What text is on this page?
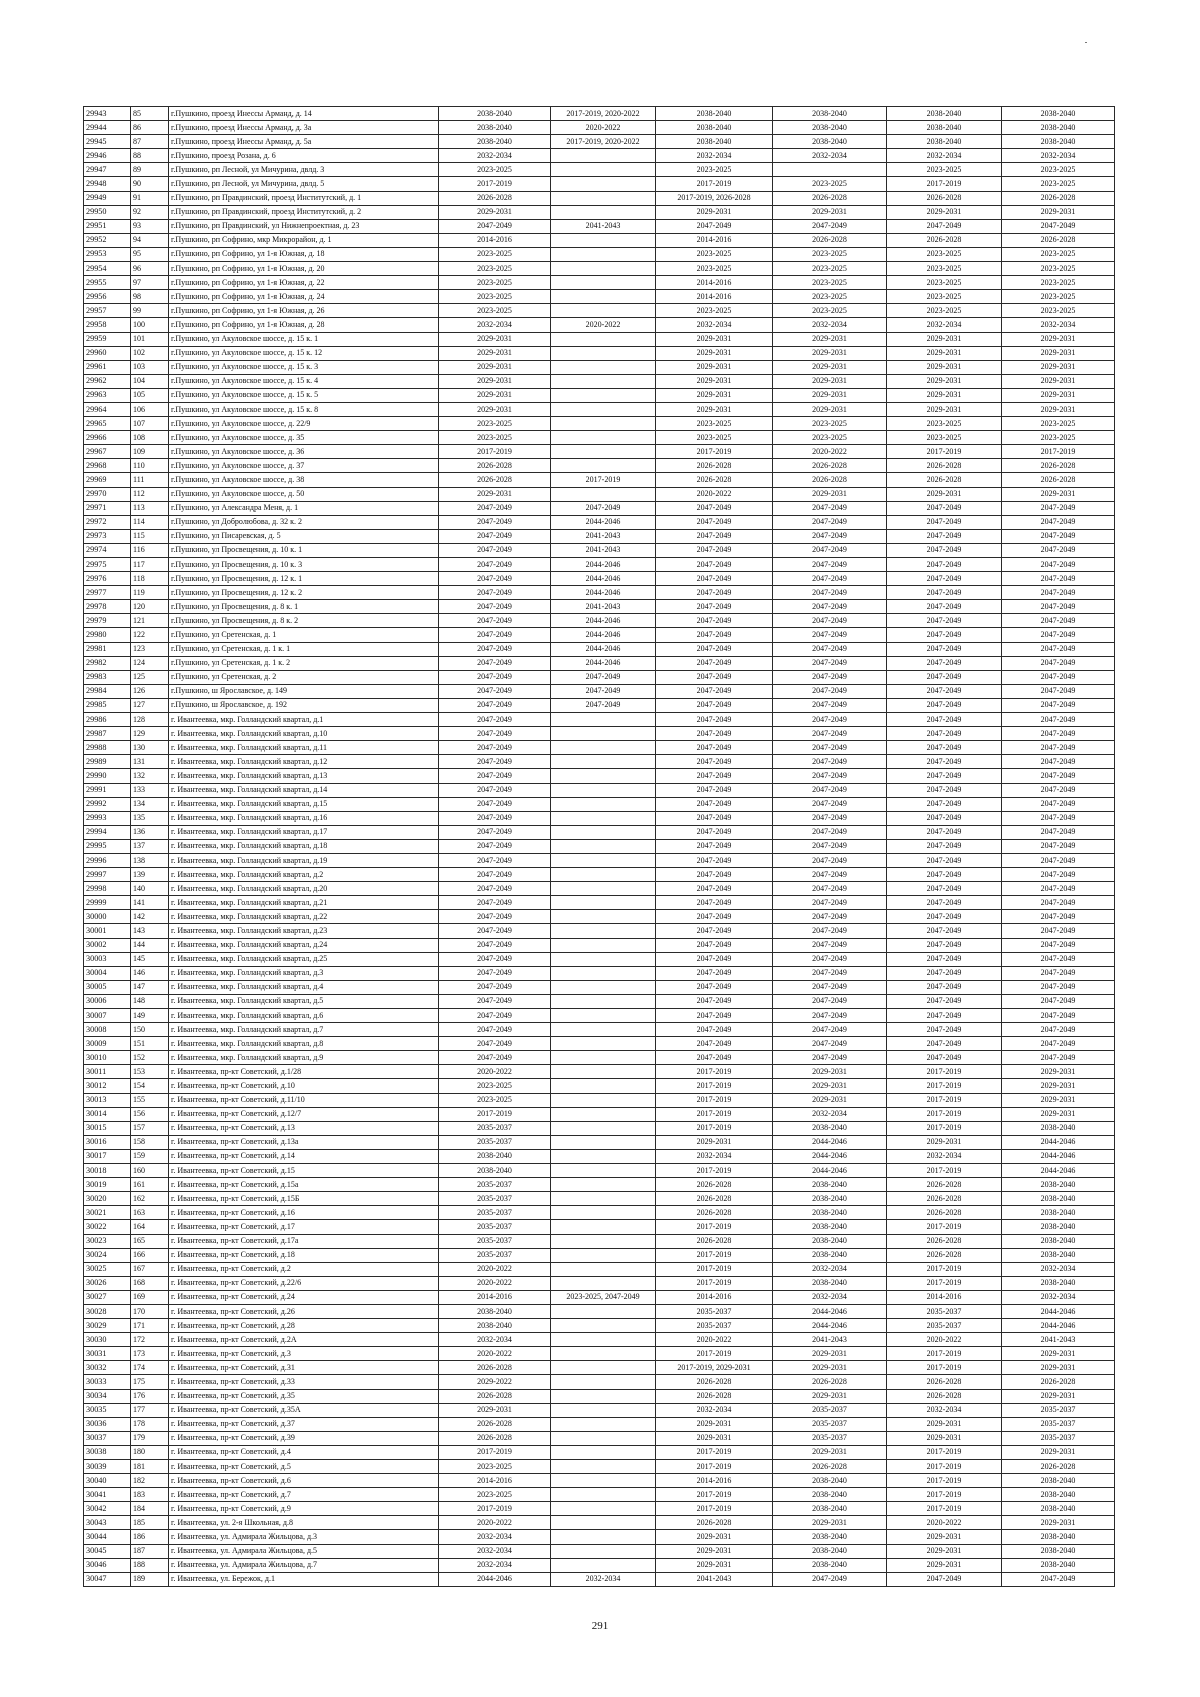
29943	85	г.Пушкино, проезд Инессы Арманд, д. 14	2038-2040	2017-2019, 2020-2022	2038-2040	2038-2040	2038-2040	2038-2040
29944	86	г.Пушкино, проезд Инессы Арманд, д. 3а	2038-2040	2020-2022	2038-2040	2038-2040	2038-2040	2038-2040
29945	87	г.Пушкино, проезд Инессы Арманд, д. 5а	2038-2040	2017-2019, 2020-2022	2038-2040	2038-2040	2038-2040	2038-2040
29946	88	г.Пушкино, проезд Розана, д. 6	2032-2034		2032-2034	2032-2034	2032-2034	2032-2034
29947	89	г.Пушкино, рп Лесной, ул Мичурина, двлд. 3	2023-2025		2023-2025		2023-2025	2023-2025
29948	90	г.Пушкино, рп Лесной, ул Мичурина, двлд. 5	2017-2019		2017-2019	2023-2025	2017-2019	2023-2025
29949	91	г.Пушкино, рп Правдинский, проезд Институтский, д. 1	2026-2028		2017-2019, 2026-2028	2026-2028	2026-2028	2026-2028
29950	92	г.Пушкино, рп Правдинский, проезд Институтский, д. 2	2029-2031		2029-2031	2029-2031	2029-2031	2029-2031
29951	93	г.Пушкино, рп Правдинский, ул Нижнепроектная, д. 23	2047-2049	2041-2043	2047-2049	2047-2049	2047-2049	2047-2049
29952	94	г.Пушкино, рп Софрино, мкр Микрорайон, д. 1	2014-2016		2014-2016	2026-2028	2026-2028	2026-2028
29953	95	г.Пушкино, рп Софрино, ул 1-я Южная, д. 18	2023-2025		2023-2025	2023-2025	2023-2025	2023-2025
29954	96	г.Пушкино, рп Софрино, ул 1-я Южная, д. 20	2023-2025		2023-2025	2023-2025	2023-2025	2023-2025
29955	97	г.Пушкино, рп Софрино, ул 1-я Южная, д. 22	2023-2025		2014-2016	2023-2025	2023-2025	2023-2025
29956	98	г.Пушкино, рп Софрино, ул 1-я Южная, д. 24	2023-2025		2014-2016	2023-2025	2023-2025	2023-2025
29957	99	г.Пушкино, рп Софрино, ул 1-я Южная, д. 26	2023-2025		2023-2025	2023-2025	2023-2025	2023-2025
29958	100	г.Пушкино, рп Софрино, ул 1-я Южная, д. 28	2032-2034	2020-2022	2032-2034	2032-2034	2032-2034	2032-2034
29959	101	г.Пушкино, ул Акуловское шоссе, д. 15 к. 1	2029-2031		2029-2031	2029-2031	2029-2031	2029-2031
29960	102	г.Пушкино, ул Акуловское шоссе, д. 15 к. 12	2029-2031		2029-2031	2029-2031	2029-2031	2029-2031
29961	103	г.Пушкино, ул Акуловское шоссе, д. 15 к. 3	2029-2031		2029-2031	2029-2031	2029-2031	2029-2031
29962	104	г.Пушкино, ул Акуловское шоссе, д. 15 к. 4	2029-2031		2029-2031	2029-2031	2029-2031	2029-2031
29963	105	г.Пушкино, ул Акуловское шоссе, д. 15 к. 5	2029-2031		2029-2031	2029-2031	2029-2031	2029-2031
29964	106	г.Пушкино, ул Акуловское шоссе, д. 15 к. 8	2029-2031		2029-2031	2029-2031	2029-2031	2029-2031
29965	107	г.Пушкино, ул Акуловское шоссе, д. 22/9	2023-2025		2023-2025	2023-2025	2023-2025	2023-2025
29966	108	г.Пушкино, ул Акуловское шоссе, д. 35	2023-2025		2023-2025	2023-2025	2023-2025	2023-2025
29967	109	г.Пушкино, ул Акуловское шоссе, д. 36	2017-2019		2017-2019	2020-2022	2017-2019	2017-2019
29968	110	г.Пушкино, ул Акуловское шоссе, д. 37	2026-2028		2026-2028	2026-2028	2026-2028	2026-2028
29969	111	г.Пушкино, ул Акуловское шоссе, д. 38	2026-2028	2017-2019	2026-2028	2026-2028	2026-2028	2026-2028
29970	112	г.Пушкино, ул Акуловское шоссе, д. 50	2029-2031		2020-2022	2029-2031	2029-2031	2029-2031
29971	113	г.Пушкино, ул Александра Меня, д. 1	2047-2049	2047-2049	2047-2049	2047-2049	2047-2049	2047-2049
29972	114	г.Пушкино, ул Добролюбова, д. 32 к. 2	2047-2049	2044-2046	2047-2049	2047-2049	2047-2049	2047-2049
29973	115	г.Пушкино, ул Писаревская, д. 5	2047-2049	2041-2043	2047-2049	2047-2049	2047-2049	2047-2049
29974	116	г.Пушкино, ул Просвещения, д. 10 к. 1	2047-2049	2041-2043	2047-2049	2047-2049	2047-2049	2047-2049
29975	117	г.Пушкино, ул Просвещения, д. 10 к. 3	2047-2049	2044-2046	2047-2049	2047-2049	2047-2049	2047-2049
29976	118	г.Пушкино, ул Просвещения, д. 12 к. 1	2047-2049	2044-2046	2047-2049	2047-2049	2047-2049	2047-2049
29977	119	г.Пушкино, ул Просвещения, д. 12 к. 2	2047-2049	2044-2046	2047-2049	2047-2049	2047-2049	2047-2049
29978	120	г.Пушкино, ул Просвещения, д. 8 к. 1	2047-2049	2041-2043	2047-2049	2047-2049	2047-2049	2047-2049
29979	121	г.Пушкино, ул Просвещения, д. 8 к. 2	2047-2049	2044-2046	2047-2049	2047-2049	2047-2049	2047-2049
29980	122	г.Пушкино, ул Сретенская, д. 1	2047-2049	2044-2046	2047-2049	2047-2049	2047-2049	2047-2049
29981	123	г.Пушкино, ул Сретенская, д. 1 к. 1	2047-2049	2044-2046	2047-2049	2047-2049	2047-2049	2047-2049
29982	124	г.Пушкино, ул Сретенская, д. 1 к. 2	2047-2049	2044-2046	2047-2049	2047-2049	2047-2049	2047-2049
29983	125	г.Пушкино, ул Сретенская, д. 2	2047-2049	2047-2049	2047-2049	2047-2049	2047-2049	2047-2049
29984	126	г.Пушкино, ш Ярославское, д. 149	2047-2049	2047-2049	2047-2049	2047-2049	2047-2049	2047-2049
29985	127	г.Пушкино, ш Ярославское, д. 192	2047-2049	2047-2049	2047-2049	2047-2049	2047-2049	2047-2049
29986	128	г. Ивантеевка, мкр. Голландский квартал, д.1	2047-2049		2047-2049	2047-2049	2047-2049	2047-2049
29987	129	г. Ивантеевка, мкр. Голландский квартал, д.10	2047-2049		2047-2049	2047-2049	2047-2049	2047-2049
29988	130	г. Ивантеевка, мкр. Голландский квартал, д.11	2047-2049		2047-2049	2047-2049	2047-2049	2047-2049
29989	131	г. Ивантеевка, мкр. Голландский квартал, д.12	2047-2049		2047-2049	2047-2049	2047-2049	2047-2049
29990	132	г. Ивантеевка, мкр. Голландский квартал, д.13	2047-2049		2047-2049	2047-2049	2047-2049	2047-2049
29991	133	г. Ивантеевка, мкр. Голландский квартал, д.14	2047-2049		2047-2049	2047-2049	2047-2049	2047-2049
29992	134	г. Ивантеевка, мкр. Голландский квартал, д.15	2047-2049		2047-2049	2047-2049	2047-2049	2047-2049
29993	135	г. Ивантеевка, мкр. Голландский квартал, д.16	2047-2049		2047-2049	2047-2049	2047-2049	2047-2049
29994	136	г. Ивантеевка, мкр. Голландский квартал, д.17	2047-2049		2047-2049	2047-2049	2047-2049	2047-2049
29995	137	г. Ивантеевка, мкр. Голландский квартал, д.18	2047-2049		2047-2049	2047-2049	2047-2049	2047-2049
29996	138	г. Ивантеевка, мкр. Голландский квартал, д.19	2047-2049		2047-2049	2047-2049	2047-2049	2047-2049
29997	139	г. Ивантеевка, мкр. Голландский квартал, д.2	2047-2049		2047-2049	2047-2049	2047-2049	2047-2049
29998	140	г. Ивантеевка, мкр. Голландский квартал, д.20	2047-2049		2047-2049	2047-2049	2047-2049	2047-2049
29999	141	г. Ивантеевка, мкр. Голландский квартал, д.21	2047-2049		2047-2049	2047-2049	2047-2049	2047-2049
30000	142	г. Ивантеевка, мкр. Голландский квартал, д.22	2047-2049		2047-2049	2047-2049	2047-2049	2047-2049
30001	143	г. Ивантеевка, мкр. Голландский квартал, д.23	2047-2049		2047-2049	2047-2049	2047-2049	2047-2049
30002	144	г. Ивантеевка, мкр. Голландский квартал, д.24	2047-2049		2047-2049	2047-2049	2047-2049	2047-2049
30003	145	г. Ивантеевка, мкр. Голландский квартал, д.25	2047-2049		2047-2049	2047-2049	2047-2049	2047-2049
30004	146	г. Ивантеевка, мкр. Голландский квартал, д.3	2047-2049		2047-2049	2047-2049	2047-2049	2047-2049
30005	147	г. Ивантеевка, мкр. Голландский квартал, д.4	2047-2049		2047-2049	2047-2049	2047-2049	2047-2049
30006	148	г. Ивантеевка, мкр. Голландский квартал, д.5	2047-2049		2047-2049	2047-2049	2047-2049	2047-2049
30007	149	г. Ивантеевка, мкр. Голландский квартал, д.6	2047-2049		2047-2049	2047-2049	2047-2049	2047-2049
30008	150	г. Ивантеевка, мкр. Голландский квартал, д.7	2047-2049		2047-2049	2047-2049	2047-2049	2047-2049
30009	151	г. Ивантеевка, мкр. Голландский квартал, д.8	2047-2049		2047-2049	2047-2049	2047-2049	2047-2049
30010	152	г. Ивантеевка, мкр. Голландский квартал, д.9	2047-2049		2047-2049	2047-2049	2047-2049	2047-2049
30011	153	г. Ивантеевка, пр-кт Советский, д.1/28	2020-2022		2017-2019	2029-2031	2017-2019	2029-2031
30012	154	г. Ивантеевка, пр-кт Советский, д.10	2023-2025		2017-2019	2029-2031	2017-2019	2029-2031
30013	155	г. Ивантеевка, пр-кт Советский, д.11/10	2023-2025		2017-2019	2029-2031	2017-2019	2029-2031
30014	156	г. Ивантеевка, пр-кт Советский, д.12/7	2017-2019		2017-2019	2032-2034	2017-2019	2029-2031
30015	157	г. Ивантеевка, пр-кт Советский, д.13	2035-2037		2017-2019	2038-2040	2017-2019	2038-2040
30016	158	г. Ивантеевка, пр-кт Советский, д.13а	2035-2037		2029-2031	2044-2046	2029-2031	2044-2046
30017	159	г. Ивантеевка, пр-кт Советский, д.14	2038-2040		2032-2034	2044-2046	2032-2034	2044-2046
30018	160	г. Ивантеевка, пр-кт Советский, д.15	2038-2040		2017-2019	2044-2046	2017-2019	2044-2046
30019	161	г. Ивантеевка, пр-кт Советский, д.15а	2035-2037		2026-2028	2038-2040	2026-2028	2038-2040
30020	162	г. Ивантеевка, пр-кт Советский, д.15Б	2035-2037		2026-2028	2038-2040	2026-2028	2038-2040
30021	163	г. Ивантеевка, пр-кт Советский, д.16	2035-2037		2026-2028	2038-2040	2026-2028	2038-2040
30022	164	г. Ивантеевка, пр-кт Советский, д.17	2035-2037		2017-2019	2038-2040	2017-2019	2038-2040
30023	165	г. Ивантеевка, пр-кт Советский, д.17а	2035-2037		2026-2028	2038-2040	2026-2028	2038-2040
30024	166	г. Ивантеевка, пр-кт Советский, д.18	2035-2037		2017-2019	2038-2040	2026-2028	2038-2040
30025	167	г. Ивантеевка, пр-кт Советский, д.2	2020-2022		2017-2019	2032-2034	2017-2019	2032-2034
30026	168	г. Ивантеевка, пр-кт Советский, д.22/6	2020-2022		2017-2019	2038-2040	2017-2019	2038-2040
30027	169	г. Ивантеевка, пр-кт Советский, д.24	2014-2016	2023-2025, 2047-2049	2014-2016	2032-2034	2014-2016	2032-2034
30028	170	г. Ивантеевка, пр-кт Советский, д.26	2038-2040		2035-2037	2044-2046	2035-2037	2044-2046
30029	171	г. Ивантеевка, пр-кт Советский, д.28	2038-2040		2035-2037	2044-2046	2035-2037	2044-2046
30030	172	г. Ивантеевка, пр-кт Советский, д.2А	2032-2034		2020-2022	2041-2043	2020-2022	2041-2043
30031	173	г. Ивантеевка, пр-кт Советский, д.3	2020-2022		2017-2019	2029-2031	2017-2019	2029-2031
30032	174	г. Ивантеевка, пр-кт Советский, д.31	2026-2028		2017-2019, 2029-2031	2029-2031	2017-2019	2029-2031
30033	175	г. Ивантеевка, пр-кт Советский, д.33	2029-2022		2026-2028	2026-2028	2026-2028	2026-2028
30034	176	г. Ивантеевка, пр-кт Советский, д.35	2026-2028		2026-2028	2029-2031	2026-2028	2029-2031
30035	177	г. Ивантеевка, пр-кт Советский, д.35А	2029-2031		2032-2034	2035-2037	2032-2034	2035-2037
30036	178	г. Ивантеевка, пр-кт Советский, д.37	2026-2028		2029-2031	2035-2037	2029-2031	2035-2037
30037	179	г. Ивантеевка, пр-кт Советский, д.39	2026-2028		2029-2031	2035-2037	2029-2031	2035-2037
30038	180	г. Ивантеевка, пр-кт Советский, д.4	2017-2019		2017-2019	2029-2031	2017-2019	2029-2031
30039	181	г. Ивантеевка, пр-кт Советский, д.5	2023-2025		2017-2019	2026-2028	2017-2019	2026-2028
30040	182	г. Ивантеевка, пр-кт Советский, д.6	2014-2016		2014-2016	2038-2040	2017-2019	2038-2040
30041	183	г. Ивантеевка, пр-кт Советский, д.7	2023-2025		2017-2019	2038-2040	2017-2019	2038-2040
30042	184	г. Ивантеевка, пр-кт Советский, д.9	2017-2019		2017-2019	2038-2040	2017-2019	2038-2040
30043	185	г. Ивантеевка, ул. 2-я Школьная, д.8	2020-2022		2026-2028	2029-2031	2020-2022	2029-2031
30044	186	г. Ивантеевка, ул. Адмирала Жильцова, д.3	2032-2034		2029-2031	2038-2040	2029-2031	2038-2040
30045	187	г. Ивантеевка, ул. Адмирала Жильцова, д.5	2032-2034		2029-2031	2038-2040	2029-2031	2038-2040
30046	188	г. Ивантеевка, ул. Адмирала Жильцова, д.7	2032-2034		2029-2031	2038-2040	2029-2031	2038-2040
30047	189	г. Ивантеевка, ул. Бережок, д.1	2044-2046	2032-2034	2041-2043	2047-2049	2047-2049	2047-2049
291
